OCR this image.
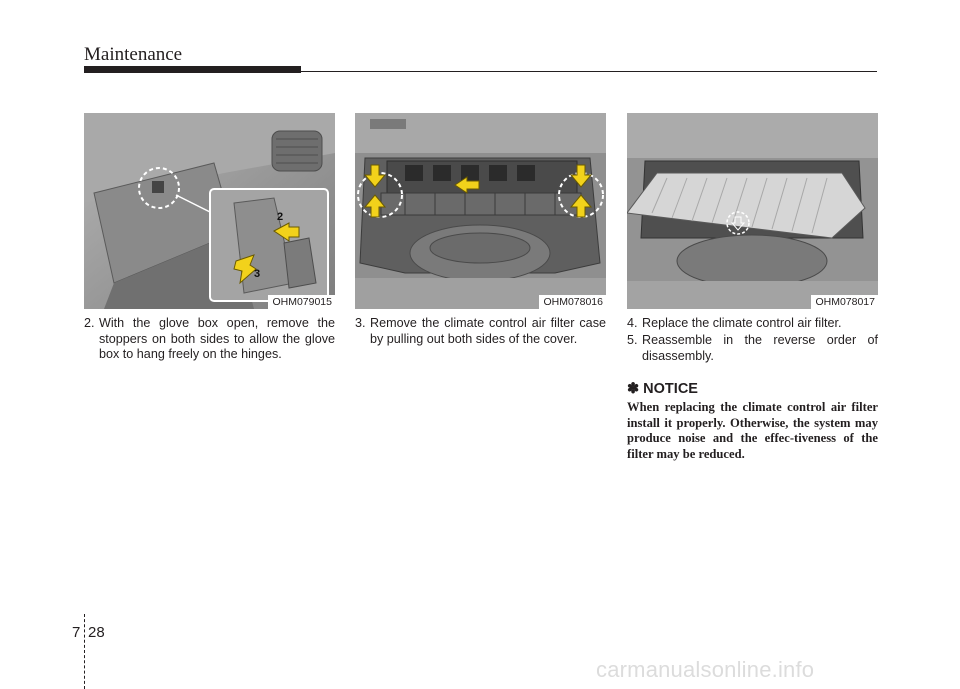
Maintenance
2
3
OHM079015	OHM078016	OHM078017
2. With the glove box open, remove the stoppers on both sides to allow the glove box to hang freely on the hinges.
3. Remove the climate control air filter case by pulling out both sides of the cover.
4. Replace the climate control air filter.
5. Reassemble in the reverse order of disassembly.
✽ NOTICE
When replacing the climate control air filter install it properly. Otherwise, the system may produce noise and the effec-tiveness of the filter may be reduced.
7 28
carmanualsonline.info
